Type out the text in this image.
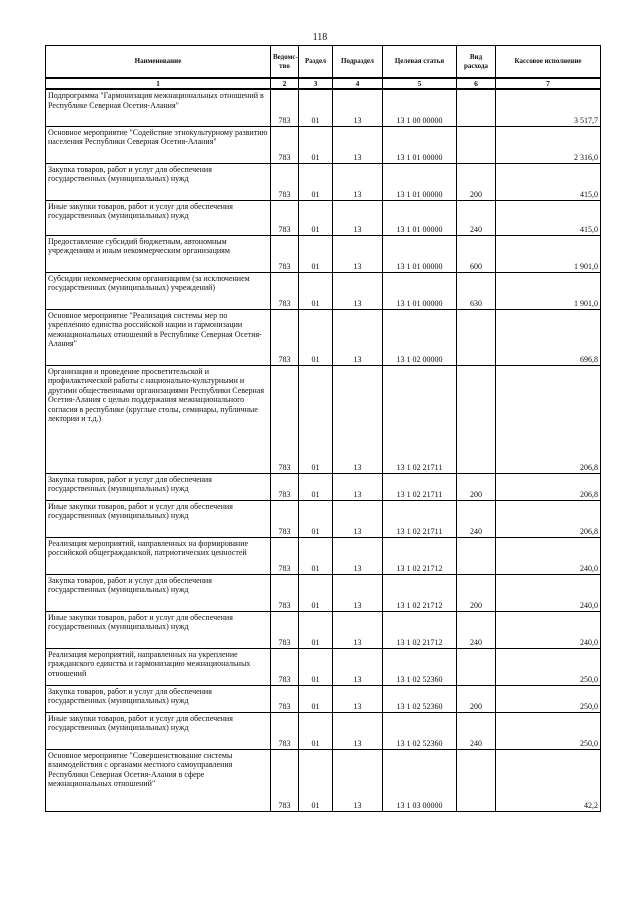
118
Наименование	Ведомс-тво	Раздел	Подраздел	Целевая статья	Вид расхода	Кассовое исполнение
1	2	3	4	5	6	7
Подпрограмма "Гармонизация межнациональных отношений в Республике Северная Осетия-Алания"	783	01	13	13 1 00 00000		3 517,7
Основное мероприятие "Содействие этнокультурному развитию населения Республики Северная Осетия-Алания"	783	01	13	13 1 01 00000		2 316,0
Закупка товаров, работ и услуг для обеспечения государственных (муниципальных) нужд	783	01	13	13 1 01 00000	200	415,0
Иные закупки товаров, работ и услуг для обеспечения государственных (муниципальных) нужд	783	01	13	13 1 01 00000	240	415,0
Предоставление субсидий бюджетным, автономным учреждениям и иным некоммерческим организациям	783	01	13	13 1 01 00000	600	1 901,0
Субсидии некоммерческим организациям (за исключением государственных (муниципальных) учреждений)	783	01	13	13 1 01 00000	630	1 901,0
Основное мероприятие "Реализация системы мер по укреплению единства российской нации и гармонизации межнациональных отношений в Республике Северная Осетия-Алания"	783	01	13	13 1 02 00000		696,8
Организация и проведение просветительской и профилактической работы с национально-культурными и другими общественными организациями Республики Северная Осетия-Алания с целью поддержания межнационального согласия в республике (круглые столы, семинары, публичные лектории и т.д.)	783	01	13	13 1 02 21711		206,8
Закупка товаров, работ и услуг для обеспечения государственных (муниципальных) нужд	783	01	13	13 1 02 21711	200	206,8
Иные закупки товаров, работ и услуг для обеспечения государственных (муниципальных) нужд	783	01	13	13 1 02 21711	240	206,8
Реализация мероприятий, направленных на формирование российской общегражданской, патриотических ценностей	783	01	13	13 1 02 21712		240,0
Закупка товаров, работ и услуг для обеспечения государственных (муниципальных) нужд	783	01	13	13 1 02 21712	200	240,0
Иные закупки товаров, работ и услуг для обеспечения государственных (муниципальных) нужд	783	01	13	13 1 02 21712	240	240,0
Реализация мероприятий, направленных на укрепление гражданского единства и гармонизацию межнациональных отношений	783	01	13	13 1 02 52360		250,0
Закупка товаров, работ и услуг для обеспечения государственных (муниципальных) нужд	783	01	13	13 1 02 52360	200	250,0
Иные закупки товаров, работ и услуг для обеспечения государственных (муниципальных) нужд	783	01	13	13 1 02 52360	240	250,0
Основное мероприятие "Совершенствование системы взаимодействия с органами местного самоуправления Республики Северная Осетия-Алания в сфере межнациональных отношений"	783	01	13	13 1 03 00000		42,2
